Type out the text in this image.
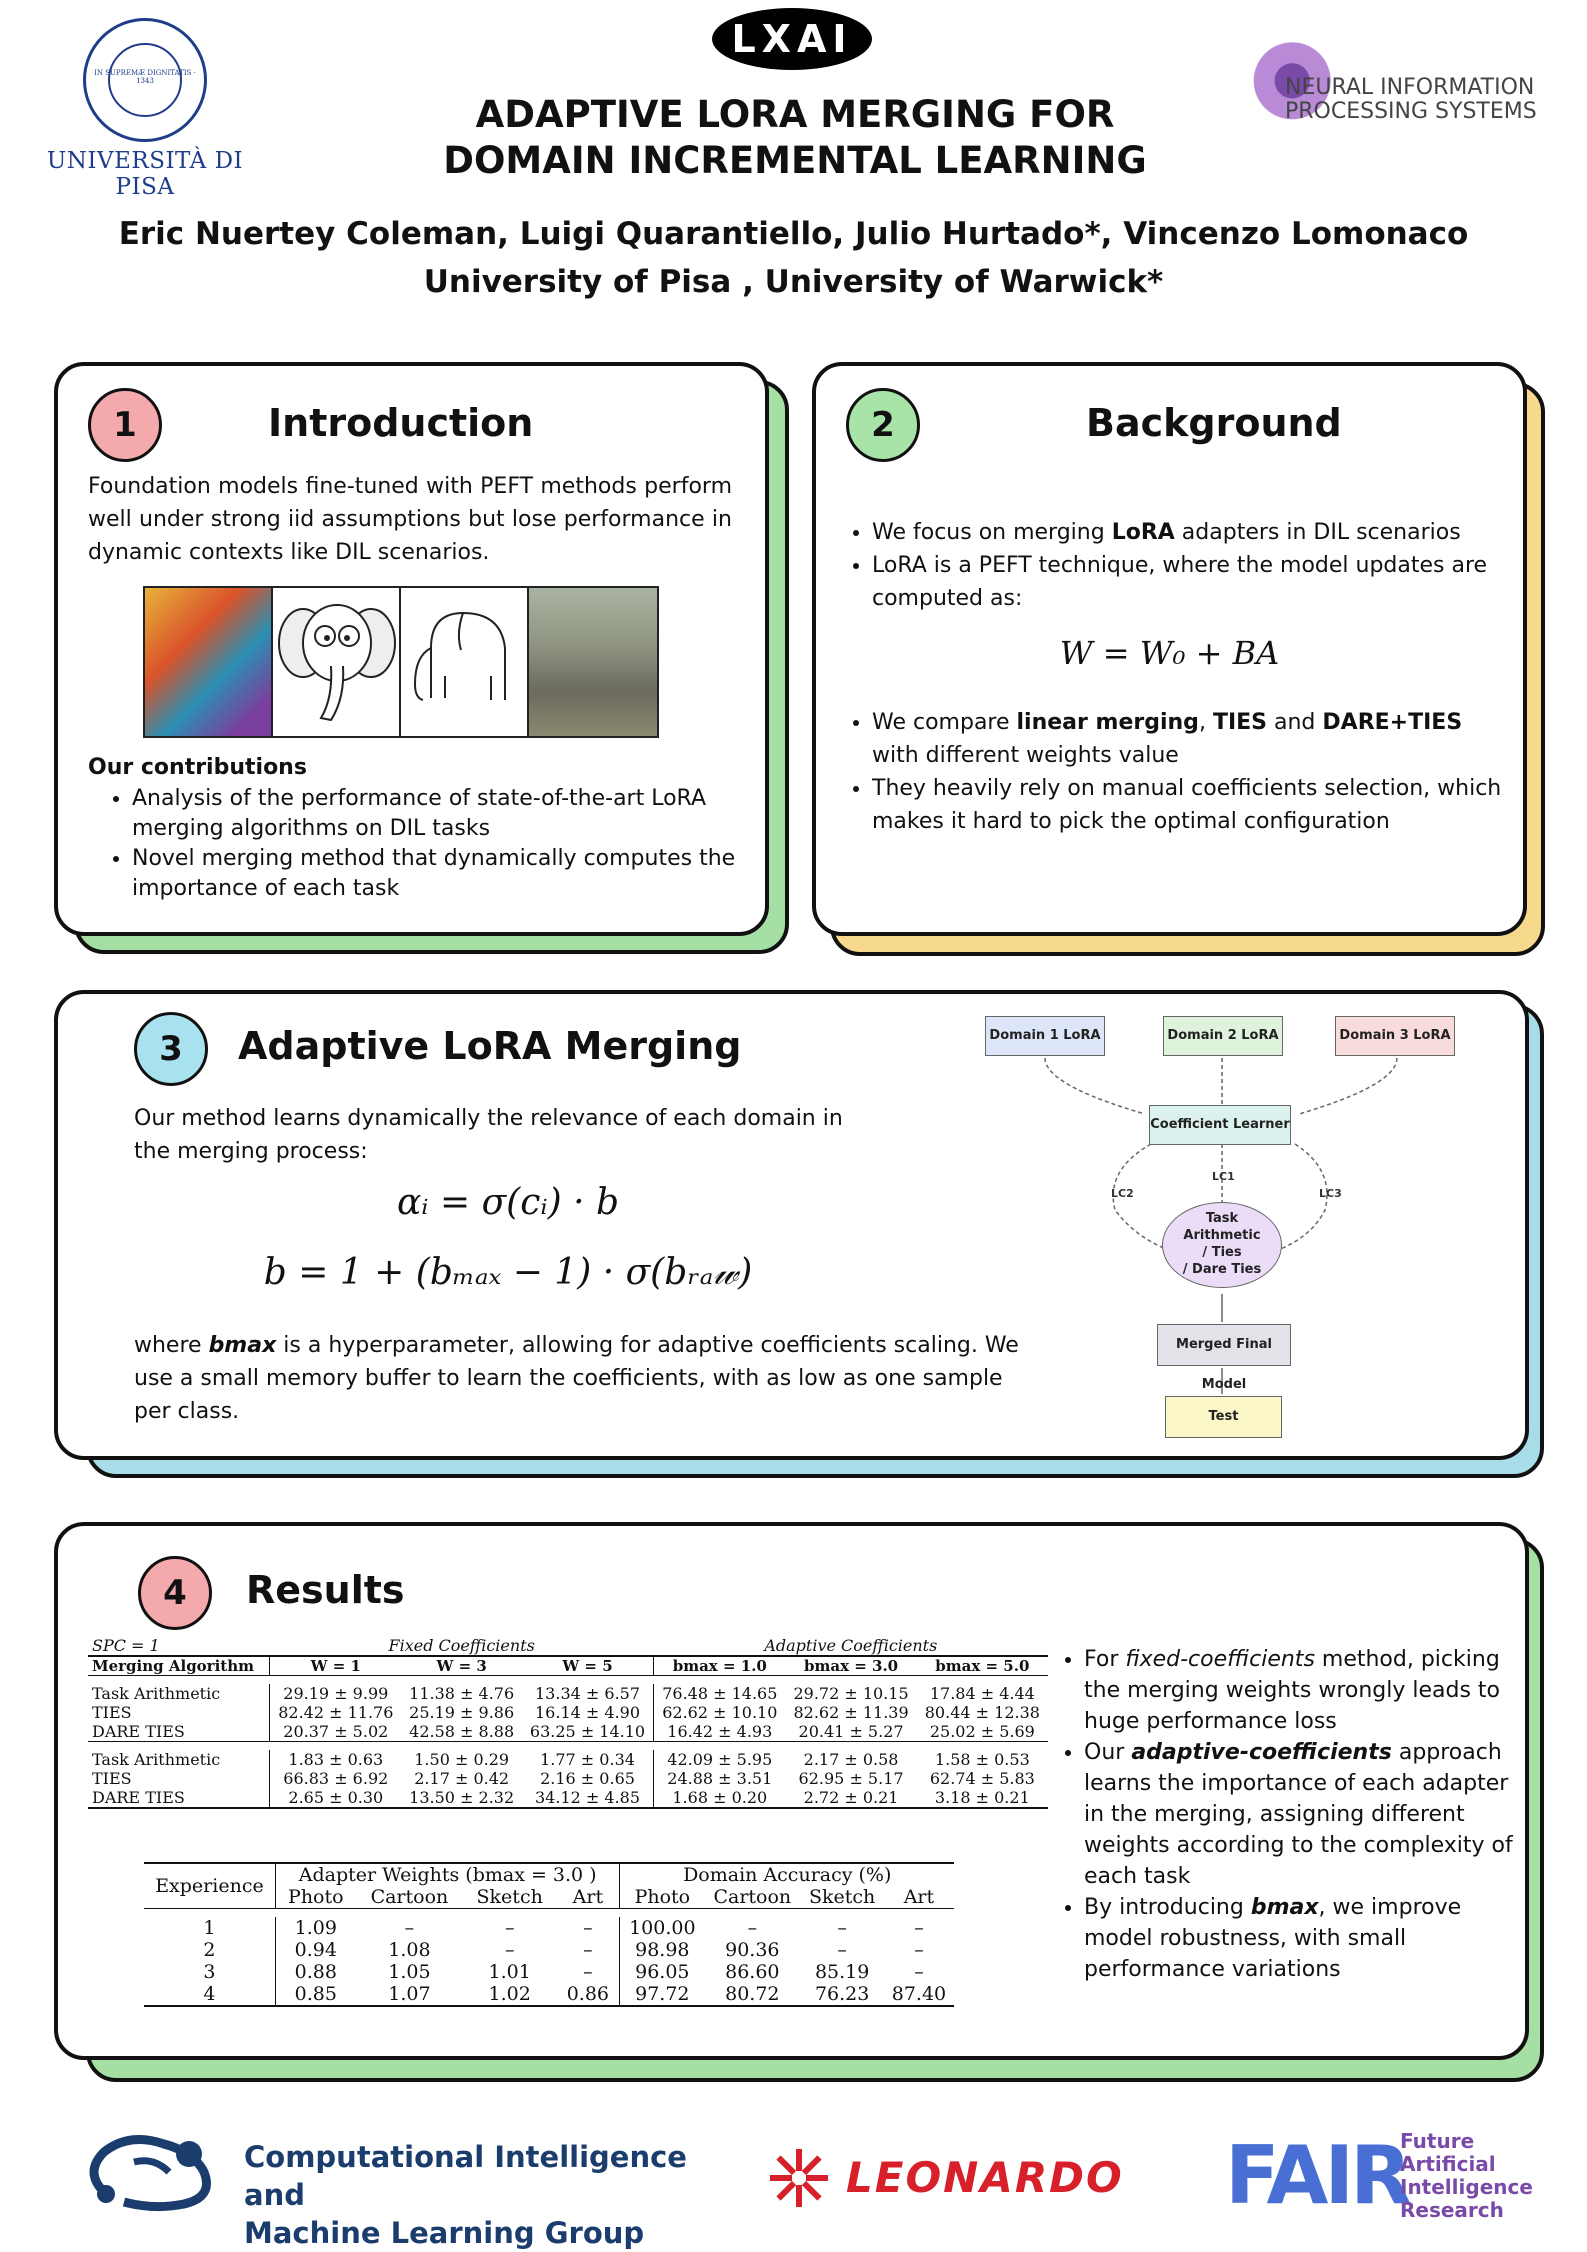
IN SUPREMÆ DIGNITATIS · 1343
UNIVERSITÀ DI PISA
LXAI
ADAPTIVE LORA MERGING FOR
DOMAIN INCREMENTAL LEARNING
NEURAL INFORMATION
PROCESSING SYSTEMS
Eric Nuertey Coleman, Luigi Quarantiello, Julio Hurtado*, Vincenzo Lomonaco
University of Pisa , University of Warwick*
1	Introduction
Foundation models fine-tuned with PEFT methods perform well under strong iid assumptions but lose performance in dynamic contexts like DIL scenarios.
Our contributions
• Analysis of the performance of state-of-the-art LoRA merging algorithms on DIL tasks
• Novel merging method that dynamically computes the importance of each task
2	Background
• We focus on merging LoRA adapters in DIL scenarios
• LoRA is a PEFT technique, where the model updates are computed as:
W = W₀ + BA
• We compare linear merging, TIES and DARE+TIES with different weights value
• They heavily rely on manual coefficients selection, which makes it hard to pick the optimal configuration
3	Adaptive LoRA Merging
Our method learns dynamically the relevance of each domain in the merging process:
αᵢ = σ(cᵢ) · b
b = 1 + (bₘₐₓ − 1) · σ(bᵣₐ𝓌)
where bmax is a hyperparameter, allowing for adaptive coefficients scaling. We use a small memory buffer to learn the coefficients, with as low as one sample per class.
Domain 1 LoRA	Domain 2 LoRA	Domain 3 LoRA
Coefficient Learner
LC1
LC2	LC3
Task
Arithmetic
/ Ties
/ Dare Ties
Merged Final Model
Test
4	Results
SPC = 1	Fixed Coefficients			Adaptive Coefficients		
Merging Algorithm	W = 1	W = 3	W = 5	bmax = 1.0	bmax = 3.0	bmax = 5.0

Task Arithmetic	29.19 ± 9.99	11.38 ± 4.76	13.34 ± 6.57	76.48 ± 14.65	29.72 ± 10.15	17.84 ± 4.44
TIES	82.42 ± 11.76	25.19 ± 9.86	16.14 ± 4.90	62.62 ± 10.10	82.62 ± 11.39	80.44 ± 12.38
DARE TIES	20.37 ± 5.02	42.58 ± 8.88	63.25 ± 14.10	16.42 ± 4.93	20.41 ± 5.27	25.02 ± 5.69

Task Arithmetic	1.83 ± 0.63	1.50 ± 0.29	1.77 ± 0.34	42.09 ± 5.95	2.17 ± 0.58	1.58 ± 0.53
TIES	66.83 ± 6.92	2.17 ± 0.42	2.16 ± 0.65	24.88 ± 3.51	62.95 ± 5.17	62.74 ± 5.83
DARE TIES	2.65 ± 0.30	13.50 ± 2.32	34.12 ± 4.85	1.68 ± 0.20	2.72 ± 0.21	3.18 ± 0.21
Experience	Adapter Weights (bmax = 3.0 )				Domain Accuracy (%)			
	Photo	Cartoon	Sketch	Art	Photo	Cartoon	Sketch	Art

1	1.09	–	–	–	100.00	–	–	–
2	0.94	1.08	–	–	98.98	90.36	–	–
3	0.88	1.05	1.01	–	96.05	86.60	85.19	–
4	0.85	1.07	1.02	0.86	97.72	80.72	76.23	87.40
• For fixed-coefficients method, picking the merging weights wrongly leads to huge performance loss
• Our adaptive-coefficients approach learns the importance of each adapter in the merging, assigning different weights according to the complexity of each task
• By introducing bmax, we improve model robustness, with small performance variations
Computational Intelligence and
Machine Learning Group
LEONARDO FAIR
Future
Artificial
Intelligence
Research
